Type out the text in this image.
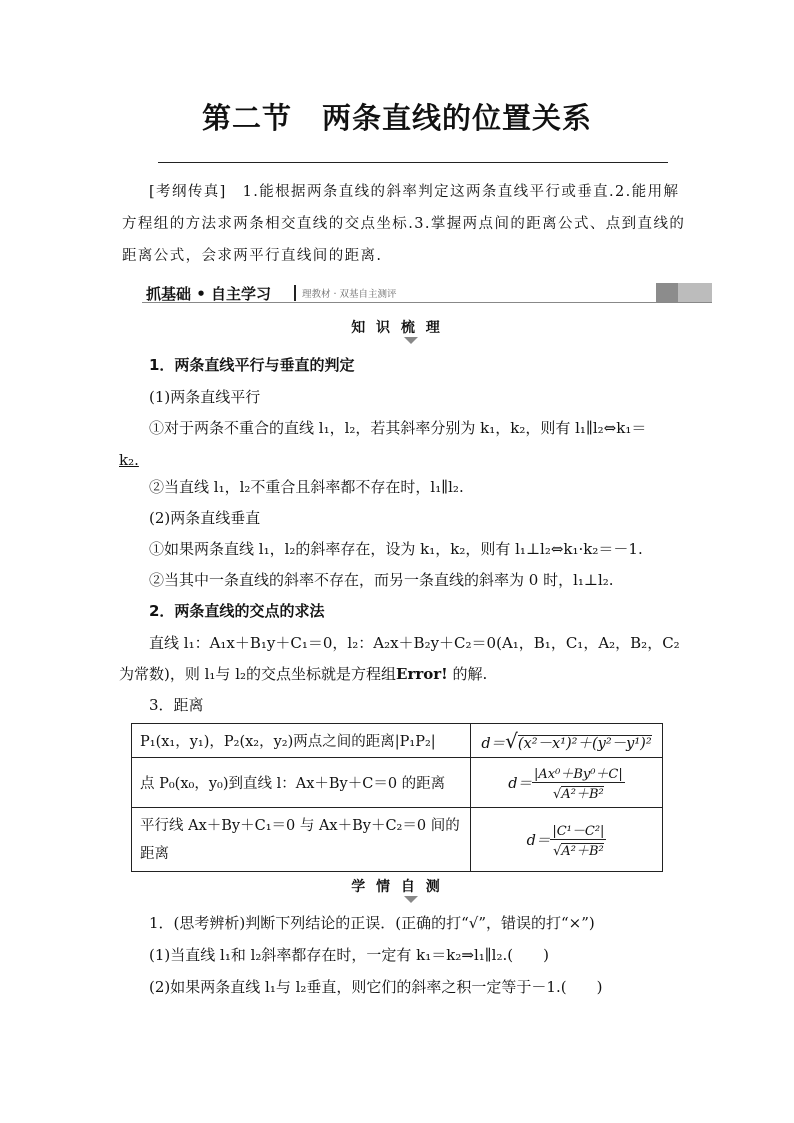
第二节　两条直线的位置关系
[考纲传真]　1.能根据两条直线的斜率判定这两条直线平行或垂直.2.能用解
方程组的方法求两条相交直线的交点坐标.3.掌握两点间的距离公式、点到直线的
距离公式，会求两平行直线间的距离.
抓基础 • 自主学习	理教材 · 双基自主测评
知 识 梳 理
1．两条直线平行与垂直的判定
(1)两条直线平行
①对于两条不重合的直线 l₁，l₂，若其斜率分别为 k₁，k₂，则有 l₁∥l₂⇔k₁＝
k₂.
②当直线 l₁，l₂不重合且斜率都不存在时，l₁∥l₂.
(2)两条直线垂直
①如果两条直线 l₁，l₂的斜率存在，设为 k₁，k₂，则有 l₁⊥l₂⇔k₁·k₂＝－1.
②当其中一条直线的斜率不存在，而另一条直线的斜率为 0 时，l₁⊥l₂.
2．两条直线的交点的求法
直线 l₁：A₁x＋B₁y＋C₁＝0，l₂：A₂x＋B₂y＋C₂＝0(A₁，B₁，C₁，A₂，B₂，C₂
为常数)，则 l₁与 l₂的交点坐标就是方程组Error! 的解.
3．距离
P₁(x₁，y₁)，P₂(x₂，y₂)两点之间的距离|P₁P₂|	d＝√(x²－x¹)²＋(y²－y¹)²
点 P₀(x₀，y₀)到直线 l：Ax＋By＋C＝0 的距离	d＝
|Ax⁰＋By⁰＋C|
√A²＋B²

平行线 Ax＋By＋C₁＝0 与 Ax＋By＋C₂＝0 间的距离	d＝
|C¹－C²|
√A²＋B²
学 情 自 测
1．(思考辨析)判断下列结论的正误．(正确的打“√”，错误的打“×”)
(1)当直线 l₁和 l₂斜率都存在时，一定有 k₁＝k₂⇒l₁∥l₂.(　　)
(2)如果两条直线 l₁与 l₂垂直，则它们的斜率之积一定等于－1.(　　)
